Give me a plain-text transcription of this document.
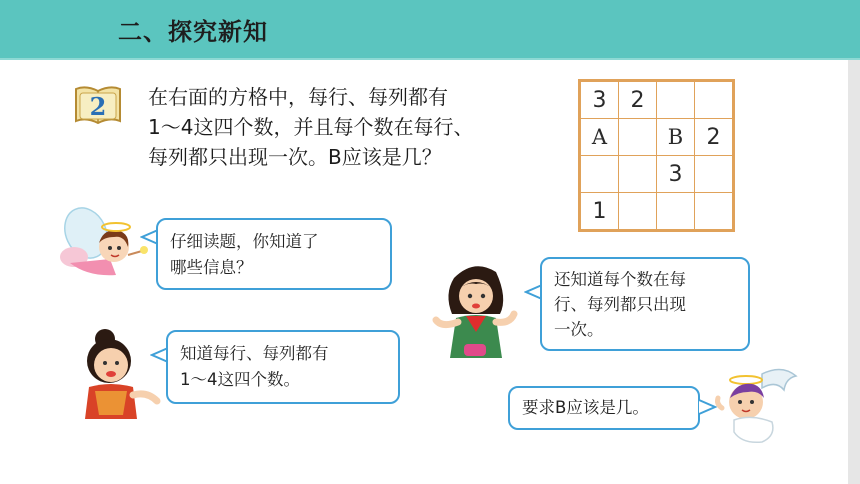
二、探究新知
2 在右面的方格中，每行、每列都有
1～4这四个数，并且每个数在每行、
每列都只出现一次。B应该是几？
3	2		
A		B	2
		3	
1			
仔细读题，你知道了
哪些信息？
知道每行、每列都有
1～4这四个数。
还知道每个数在每
行、每列都只出现
一次。
要求B应该是几。
